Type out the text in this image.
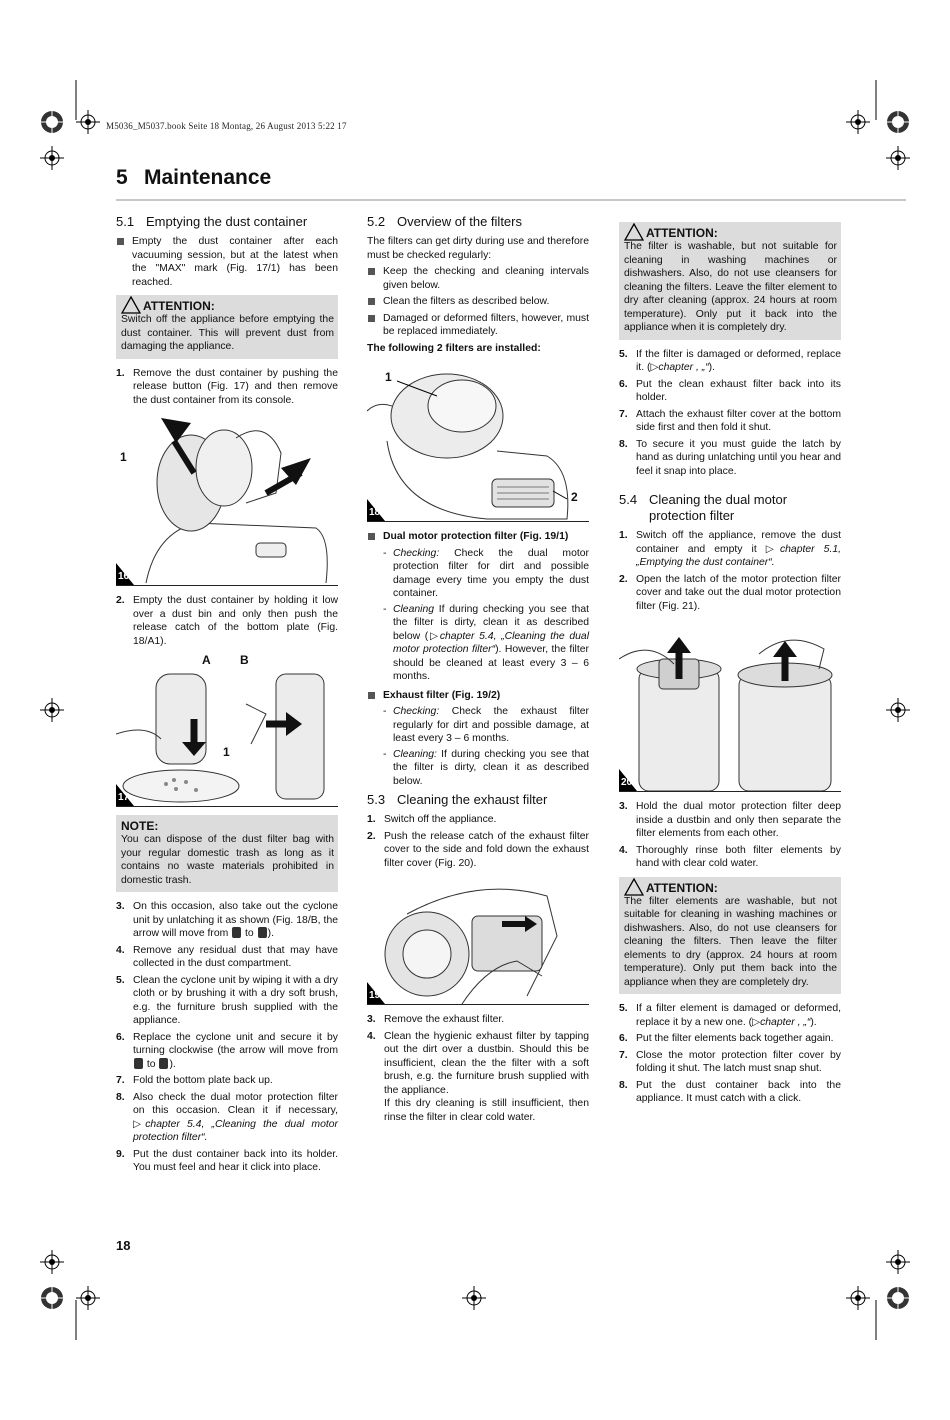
M5036_M5037.book Seite 18 Montag, 26 August 2013 5:22 17
5 Maintenance
5.1 Emptying the dust container
Empty the dust container after each vacuuming session, but at the latest when the "MAX" mark (Fig. 17/1) has been reached.
ATTENTION:

Switch off the appliance before emptying the dust container. This will prevent dust from damaging the appliance.

1. Remove the dust container by pushing the release button (Fig. 17) and then remove the dust container from its console.
1
16
2. Empty the dust container by holding it low over a dust bin and only then push the release catch of the bottom plate (Fig. 18/A1).
A B
1
17
NOTE:

You can dispose of the dust filter bag with your regular domestic trash as long as it contains no waste materials prohibited in domestic trash.

3. On this occasion, also take out the cyclone unit by unlatching it as shown (Fig. 18/B, the arrow will move from to ).
4. Remove any residual dust that may have collected in the dust compartment.
5. Clean the cyclone unit by wiping it with a dry cloth or by brushing it with a dry soft brush, e.g. the furniture brush supplied with the appliance.
6. Replace the cyclone unit and secure it by turning clockwise (the arrow will move from  to ).
7. Fold the bottom plate back up.
8. Also check the dual motor protection filter on this occasion. Clean it if necessary, ▷chapter 5.4, „Cleaning the dual motor protection filter“.
9. Put the dust container back into its holder. You must feel and hear it click into place.
5.2 Overview of the filters

The filters can get dirty during use and therefore must be checked regularly:

Keep the checking and cleaning intervals given below.
Clean the filters as described below.
Damaged or deformed filters, however, must be replaced immediately.

The following 2 filters are installed:

1
2
18
Dual motor protection filter (Fig. 19/1)
- Checking: Check the dual motor protection filter for dirt and possible damage every time you empty the dust container.
- Cleaning If during checking you see that the filter is dirty, clean it as described below (▷chapter 5.4, „Cleaning the dual motor protection filter“). However, the filter should be cleaned at least every 3 – 6 months.
Exhaust filter (Fig. 19/2)
- Checking: Check the exhaust filter regularly for dirt and possible damage, at least every 3 – 6 months.
- Cleaning: If during checking you see that the filter is dirty, clean it as described below.
5.3 Cleaning the exhaust filter
1. Switch off the appliance.
2. Push the release catch of the exhaust filter cover to the side and fold down the exhaust filter cover (Fig. 20).
19
3. Remove the exhaust filter.
4. Clean the hygienic exhaust filter by tapping out the dirt over a dustbin. Should this be insufficient, clean the the filter with a soft brush, e.g. the furniture brush supplied with the appliance.
If this dry cleaning is still insufficient, then rinse the filter in clear cold water.
ATTENTION:

The filter is washable, but not suitable for cleaning in washing machines or dishwashers. Also, do not use cleansers for cleaning the filters. Leave the filter element to dry after cleaning (approx. 24 hours at room temperature). Only put it back into the appliance when it is completely dry.

5. If the filter is damaged or deformed, replace it. (▷chapter , „“).
6. Put the clean exhaust filter back into its holder.
7. Attach the exhaust filter cover at the bottom side first and then fold it shut.
8. To secure it you must guide the latch by hand as during unlatching until you hear and feel it snap into place.
5.4 Cleaning the dual motor protection filter
1. Switch off the appliance, remove the dust container and empty it ▷chapter 5.1, „Emptying the dust container“.
2. Open the latch of the motor protection filter cover and take out the dual motor protection filter (Fig. 21).
20
3. Hold the dual motor protection filter deep inside a dustbin and only then separate the filter elements from each other.
4. Thoroughly rinse both filter elements by hand with clear cold water.
ATTENTION:

The filter elements are washable, but not suitable for cleaning in washing machines or dishwashers. Also, do not use cleansers for cleaning the filters. Then leave the filter elements to dry (approx. 24 hours at room temperature). Only put them back into the appliance when they are completely dry.

5. If a filter element is damaged or deformed, replace it by a new one. (▷chapter , „“).
6. Put the filter elements back together again.
7. Close the motor protection filter cover by folding it shut. The latch must snap shut.
8. Put the dust container back into the appliance. It must catch with a click.
18
